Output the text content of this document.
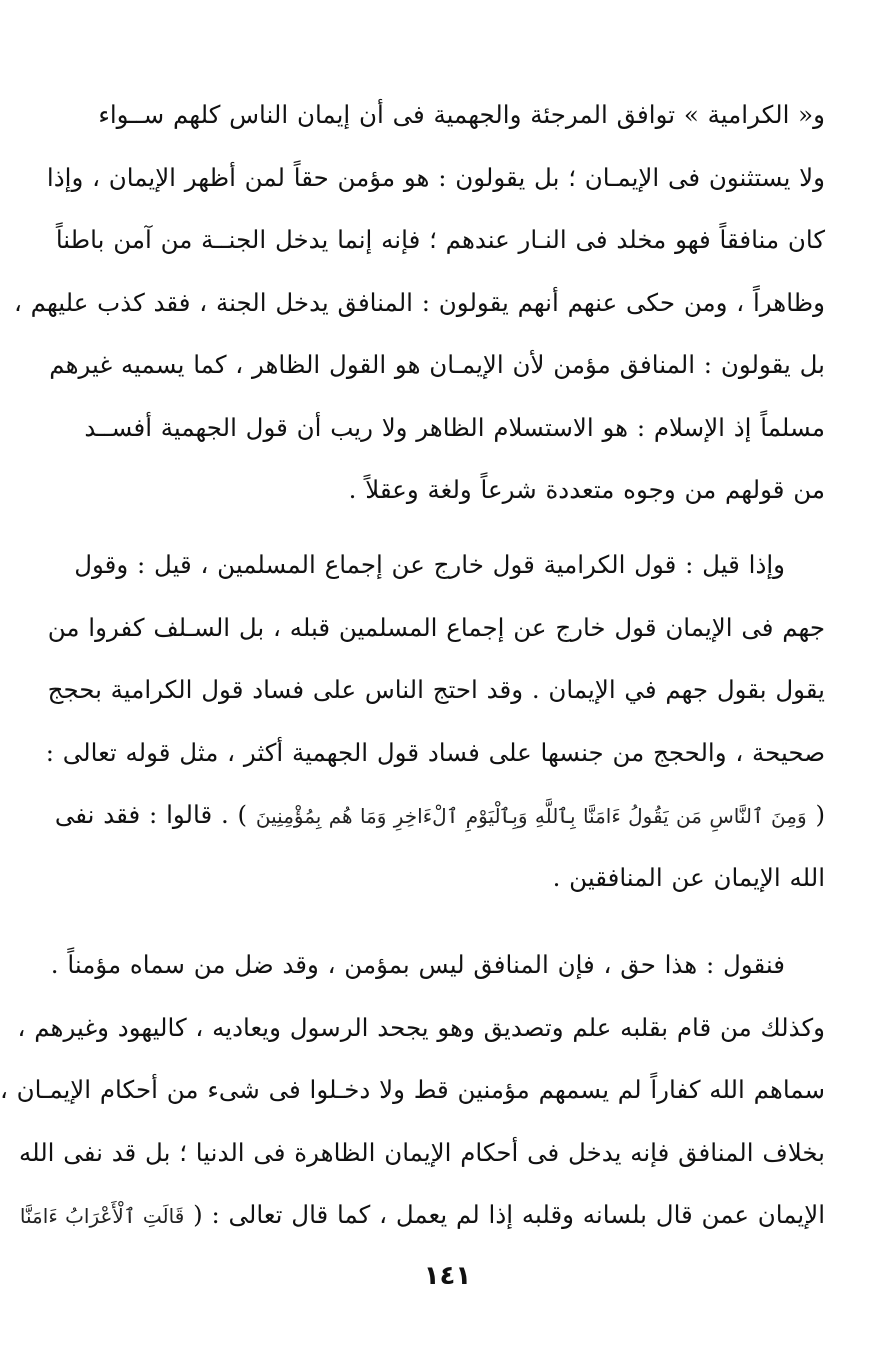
و« الكرامية » توافق المرجئة والجهمية فى أن إيمان الناس كلهم ســواء
ولا يستثنون فى الإيمـان ؛ بل يقولون : هو مؤمن حقاً لمن أظهر الإيمان ، وإذا
كان منافقاً فهو مخلد فى النـار عندهم ؛ فإنه إنما يدخل الجنــة من آمن باطناً
وظاهراً ، ومن حكى عنهم أنهم يقولون : المنافق يدخل الجنة ، فقد كذب عليهم ،
بل يقولون : المنافق مؤمن لأن الإيمـان هو القول الظاهر ، كما يسميه غيرهم
مسلماً إذ الإسلام : هو الاستسلام الظاهر ولا ريب أن قول الجهمية أفســد
من قولهم من وجوه متعددة شرعاً ولغة وعقلاً .
وإذا قيل : قول الكرامية قول خارج عن إجماع المسلمين ، قيل : وقول
جهم فى الإيمان قول خارج عن إجماع المسلمين قبله ، بل السـلف كفروا من
يقول بقول جهم في الإيمان . وقد احتج الناس على فساد قول الكرامية بحجج
صحيحة ، والحجج من جنسها على فساد قول الجهمية أكثر ، مثل قوله تعالى :
( وَمِنَ ٱلنَّاسِ مَن يَقُولُ ءَامَنَّا بِٱللَّهِ وَبِٱلْيَوْمِ ٱلْءَاخِرِ وَمَا هُم بِمُؤْمِنِينَ ) . قالوا : فقد نفى
الله الإيمان عن المنافقين .
فنقول : هذا حق ، فإن المنافق ليس بمؤمن ، وقد ضل من سماه مؤمناً .
وكذلك من قام بقلبه علم وتصديق وهو يجحد الرسول ويعاديه ، كاليهود وغيرهم ،
سماهم الله كفاراً لم يسمهم مؤمنين قط ولا دخـلوا فى شىء من أحكام الإيمـان ،
بخلاف المنافق فإنه يدخل فى أحكام الإيمان الظاهرة فى الدنيا ؛ بل قد نفى الله
الإيمان عمن قال بلسانه وقلبه إذا لم يعمل ، كما قال تعالى : ( قَالَتِ ٱلْأَعْرَابُ ءَامَنَّا
١٤١
